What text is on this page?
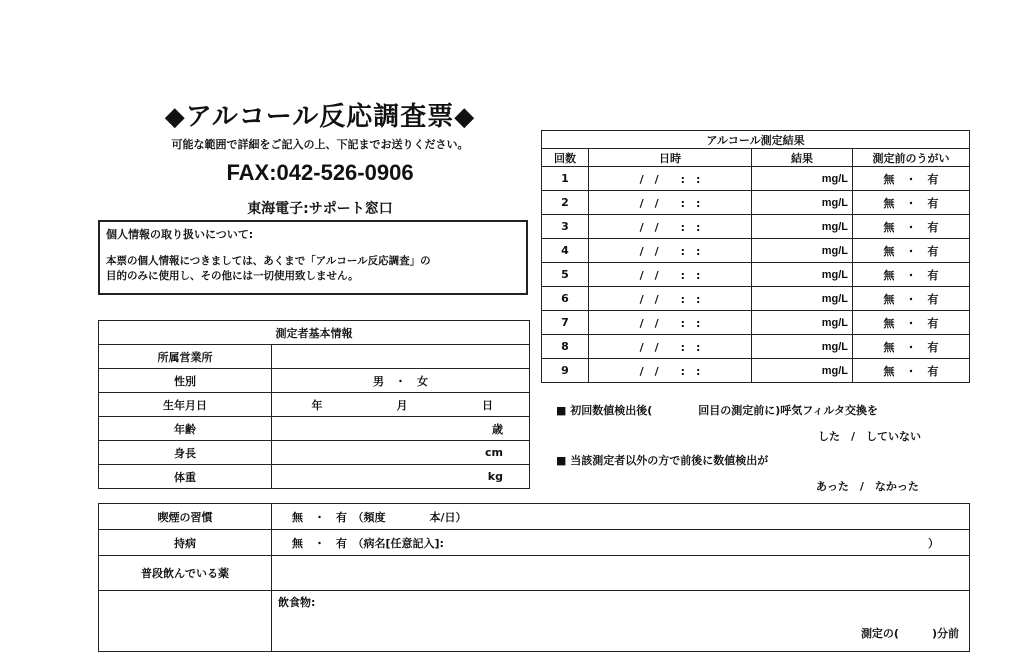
◆アルコール反応調査票◆
可能な範囲で詳細をご記入の上、下記までお送りください。
FAX:042-526-0906
東海電子:サポート窓口
個人情報の取り扱いについて:
本票の個人情報につきましては、あくまで「アルコール反応調査」の
目的のみに使用し、その他には一切使用致しません。
測定者基本情報			
所属営業所			
性別	男　・　女		
生年月日	年	月	日
年齢	歳		
身長	cm		
体重	kg		
アルコール測定結果			
回数	日時	結果	測定前のうがい
1	/　/　　:　:	mg/L	無　・　有
2	/　/　　:　:	mg/L	無　・　有
3	/　/　　:　:	mg/L	無　・　有
4	/　/　　:　:	mg/L	無　・　有
5	/　/　　:　:	mg/L	無　・　有
6	/　/　　:　:	mg/L	無　・　有
7	/　/　　:　:	mg/L	無　・　有
8	/　/　　:　:	mg/L	無　・　有
9	/　/　　:　:	mg/L	無　・　有
■ 初回数値検出後(	回目の測定前に)呼気フィルタ交換を
した　/　していない
■ 当該測定者以外の方で前後に数値検出が
あった　/　なかった
喫煙の習慣	無　・　有　（頻度　　　　本/日）
持病	無　・　有　（病名[任意記入]: ）

普段飲んでいる薬	

	飲食物:
測定の(　　　)分前
